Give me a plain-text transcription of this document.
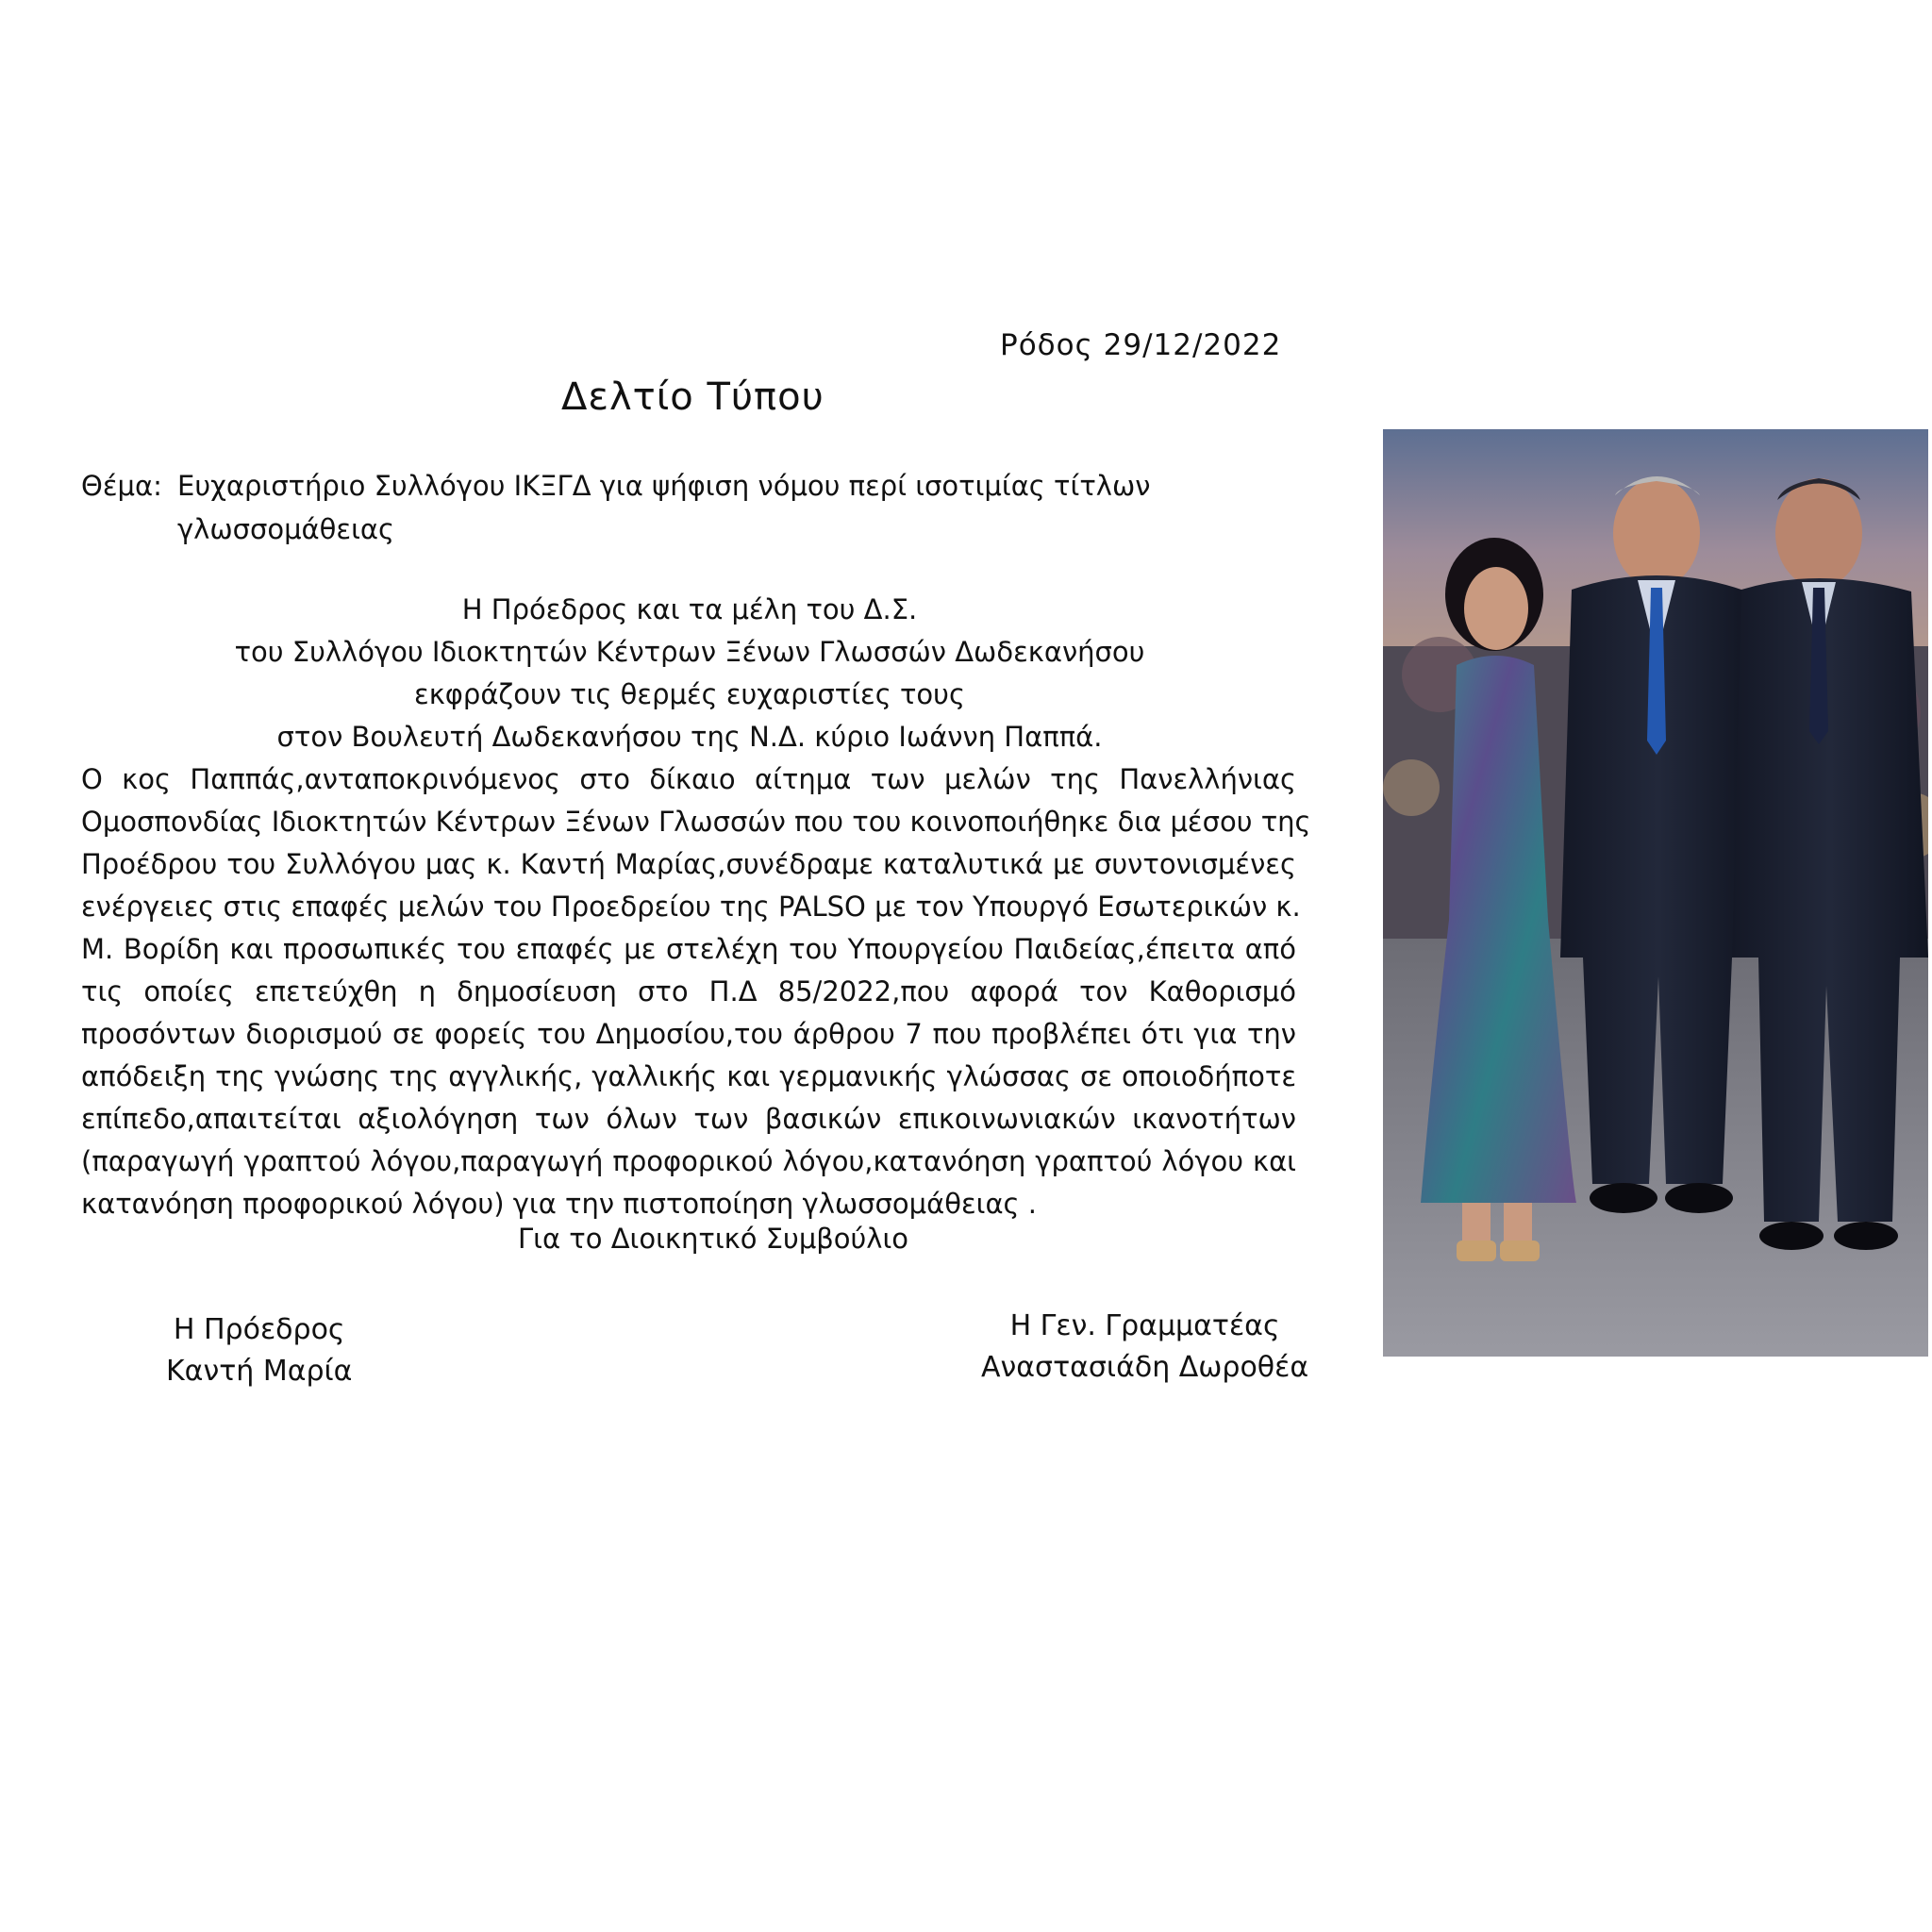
Ρόδος 29/12/2022
Δελτίο Τύπου
Θέμα: Ευχαριστήριο Συλλόγου ΙΚΞΓΔ για ψήφιση νόμου περί ισοτιμίας τίτλων
γλωσσομάθειας
Η Πρόεδρος και τα μέλη του Δ.Σ.
του Συλλόγου Ιδιοκτητών Κέντρων Ξένων Γλωσσών Δωδεκανήσου
εκφράζουν τις θερμές ευχαριστίες τους
στον Βουλευτή Δωδεκανήσου της Ν.Δ. κύριο Ιωάννη Παππά.
Ο κος Παππάς,ανταποκρινόμενος στο δίκαιο αίτημα των μελών της Πανελλήνιας
Ομοσπονδίας Ιδιοκτητών Κέντρων Ξένων Γλωσσών που του κοινοποιήθηκε δια μέσου της
Προέδρου του Συλλόγου μας κ. Καντή Μαρίας,συνέδραμε καταλυτικά με συντονισμένες
ενέργειες στις επαφές μελών του Προεδρείου της PALSO με τον Υπουργό Εσωτερικών κ.
Μ. Βορίδη και προσωπικές του επαφές με στελέχη του Υπουργείου Παιδείας,έπειτα από
τις οποίες επετεύχθη η δημοσίευση στο Π.Δ 85/2022,που αφορά τον Καθορισμό
προσόντων διορισμού σε φορείς του Δημοσίου,του άρθρου 7 που προβλέπει ότι για την
απόδειξη της γνώσης της αγγλικής, γαλλικής και γερμανικής γλώσσας σε οποιοδήποτε
επίπεδο,απαιτείται αξιολόγηση των όλων των βασικών επικοινωνιακών ικανοτήτων
(παραγωγή γραπτού λόγου,παραγωγή προφορικού λόγου,κατανόηση γραπτού λόγου και
κατανόηση προφορικού λόγου) για την πιστοποίηση γλωσσομάθειας .
Για το Διοικητικό Συμβούλιο
Η Πρόεδρος
Καντή Μαρία
Η Γεν. Γραμματέας
Αναστασιάδη Δωροθέα
